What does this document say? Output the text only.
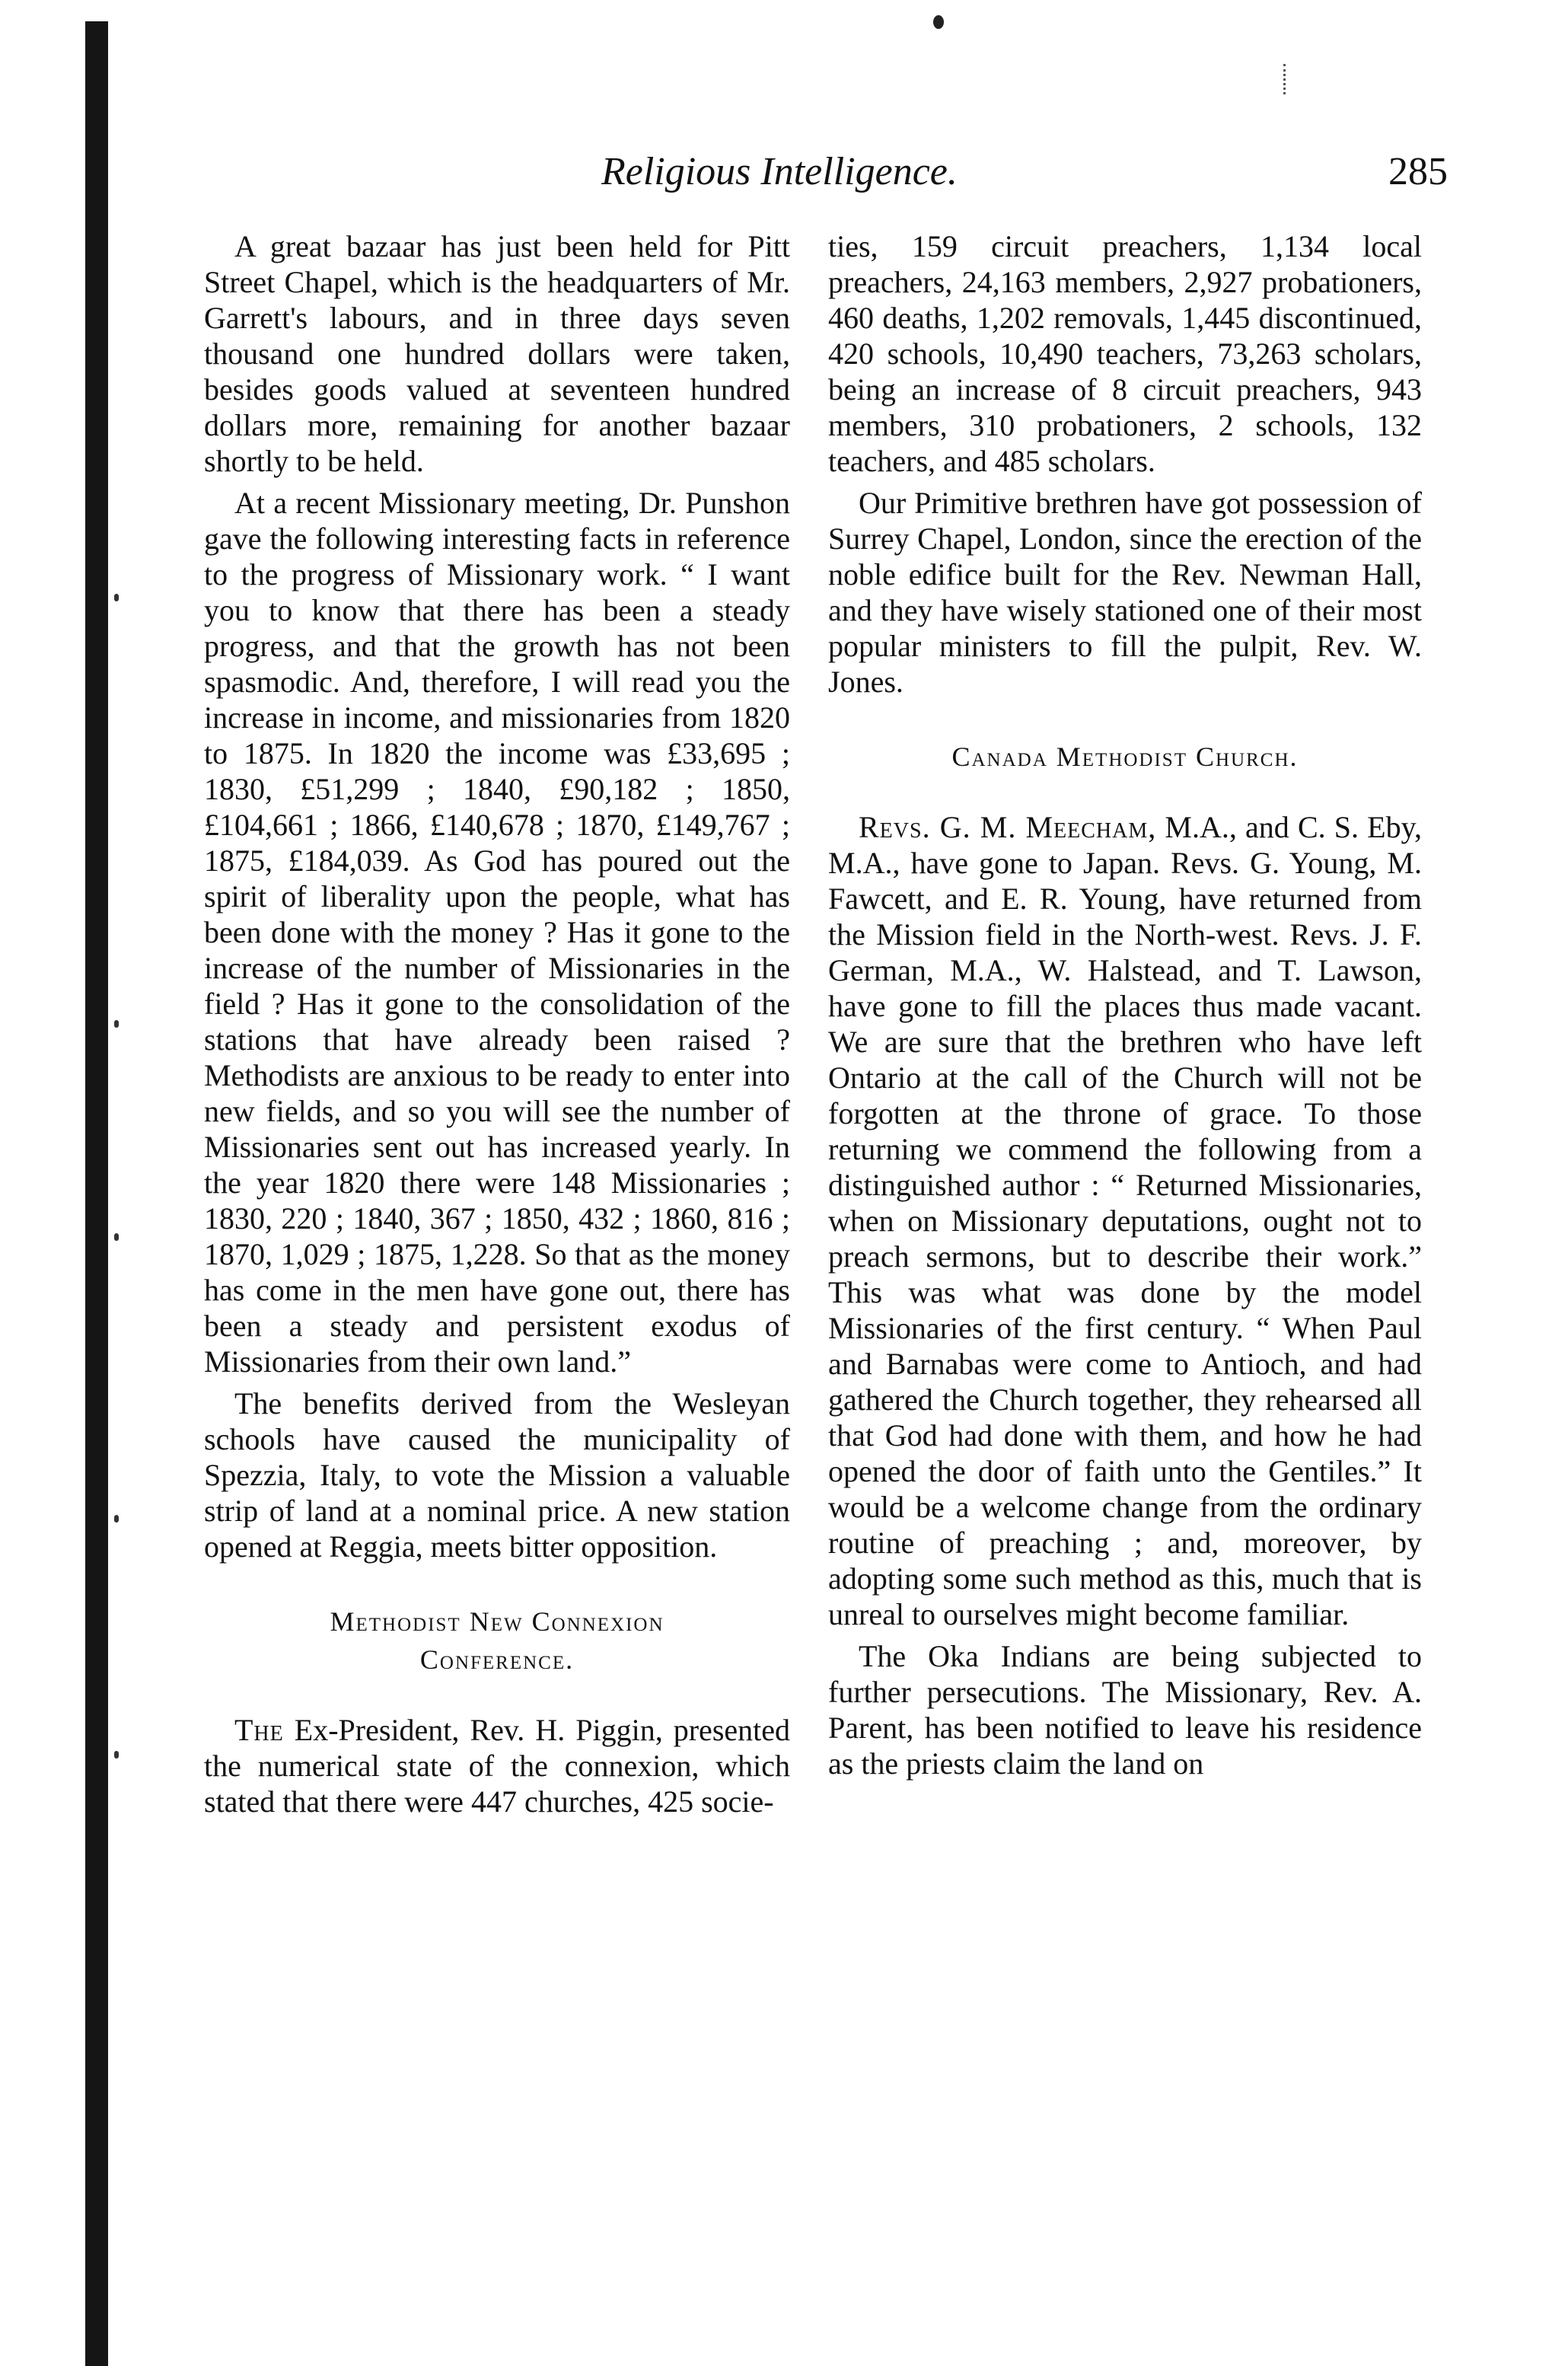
Religious Intelligence.	285

A great bazaar has just been held for Pitt Street Chapel, which is the headquarters of Mr. Garrett's labours, and in three days seven thousand one hundred dollars were taken, besides goods valued at seventeen hundred dollars more, remaining for another bazaar shortly to be held.

At a recent Missionary meeting, Dr. Punshon gave the following interesting facts in reference to the progress of Missionary work. “ I want you to know that there has been a steady progress, and that the growth has not been spasmodic. And, therefore, I will read you the increase in income, and missionaries from 1820 to 1875. In 1820 the income was £33,695 ; 1830, £51,299 ; 1840, £90,182 ; 1850, £104,661 ; 1866, £140,678 ; 1870, £149,767 ; 1875, £184,039. As God has poured out the spirit of liberality upon the people, what has been done with the money ? Has it gone to the increase of the number of Missionaries in the field ? Has it gone to the consolidation of the stations that have already been raised ? Methodists are anxious to be ready to enter into new fields, and so you will see the number of Missionaries sent out has increased yearly. In the year 1820 there were 148 Missionaries ; 1830, 220 ; 1840, 367 ; 1850, 432 ; 1860, 816 ; 1870, 1,029 ; 1875, 1,228. So that as the money has come in the men have gone out, there has been a steady and persistent exodus of Missionaries from their own land.”

The benefits derived from the Wesleyan schools have caused the municipality of Spezzia, Italy, to vote the Mission a valuable strip of land at a nominal price. A new station opened at Reggia, meets bitter opposition.

Methodist New Connexion
Conference.

The Ex-President, Rev. H. Piggin, presented the numerical state of the connexion, which stated that there were 447 churches, 425 socie-

ties, 159 circuit preachers, 1,134 local preachers, 24,163 members, 2,927 probationers, 460 deaths, 1,202 removals, 1,445 discontinued, 420 schools, 10,490 teachers, 73,263 scholars, being an increase of 8 circuit preachers, 943 members, 310 probationers, 2 schools, 132 teachers, and 485 scholars.

Our Primitive brethren have got possession of Surrey Chapel, London, since the erection of the noble edifice built for the Rev. Newman Hall, and they have wisely stationed one of their most popular ministers to fill the pulpit, Rev. W. Jones.

Canada Methodist Church.

Revs. G. M. Meecham, M.A., and C. S. Eby, M.A., have gone to Japan. Revs. G. Young, M. Fawcett, and E. R. Young, have returned from the Mission field in the North-west. Revs. J. F. German, M.A., W. Halstead, and T. Lawson, have gone to fill the places thus made vacant. We are sure that the brethren who have left Ontario at the call of the Church will not be forgotten at the throne of grace. To those returning we commend the following from a distinguished author : “ Returned Missionaries, when on Missionary deputations, ought not to preach sermons, but to describe their work.” This was what was done by the model Missionaries of the first century. “ When Paul and Barnabas were come to Antioch, and had gathered the Church together, they rehearsed all that God had done with them, and how he had opened the door of faith unto the Gentiles.” It would be a welcome change from the ordinary routine of preaching ; and, moreover, by adopting some such method as this, much that is unreal to ourselves might become familiar.

The Oka Indians are being subjected to further persecutions. The Missionary, Rev. A. Parent, has been notified to leave his residence as the priests claim the land on
